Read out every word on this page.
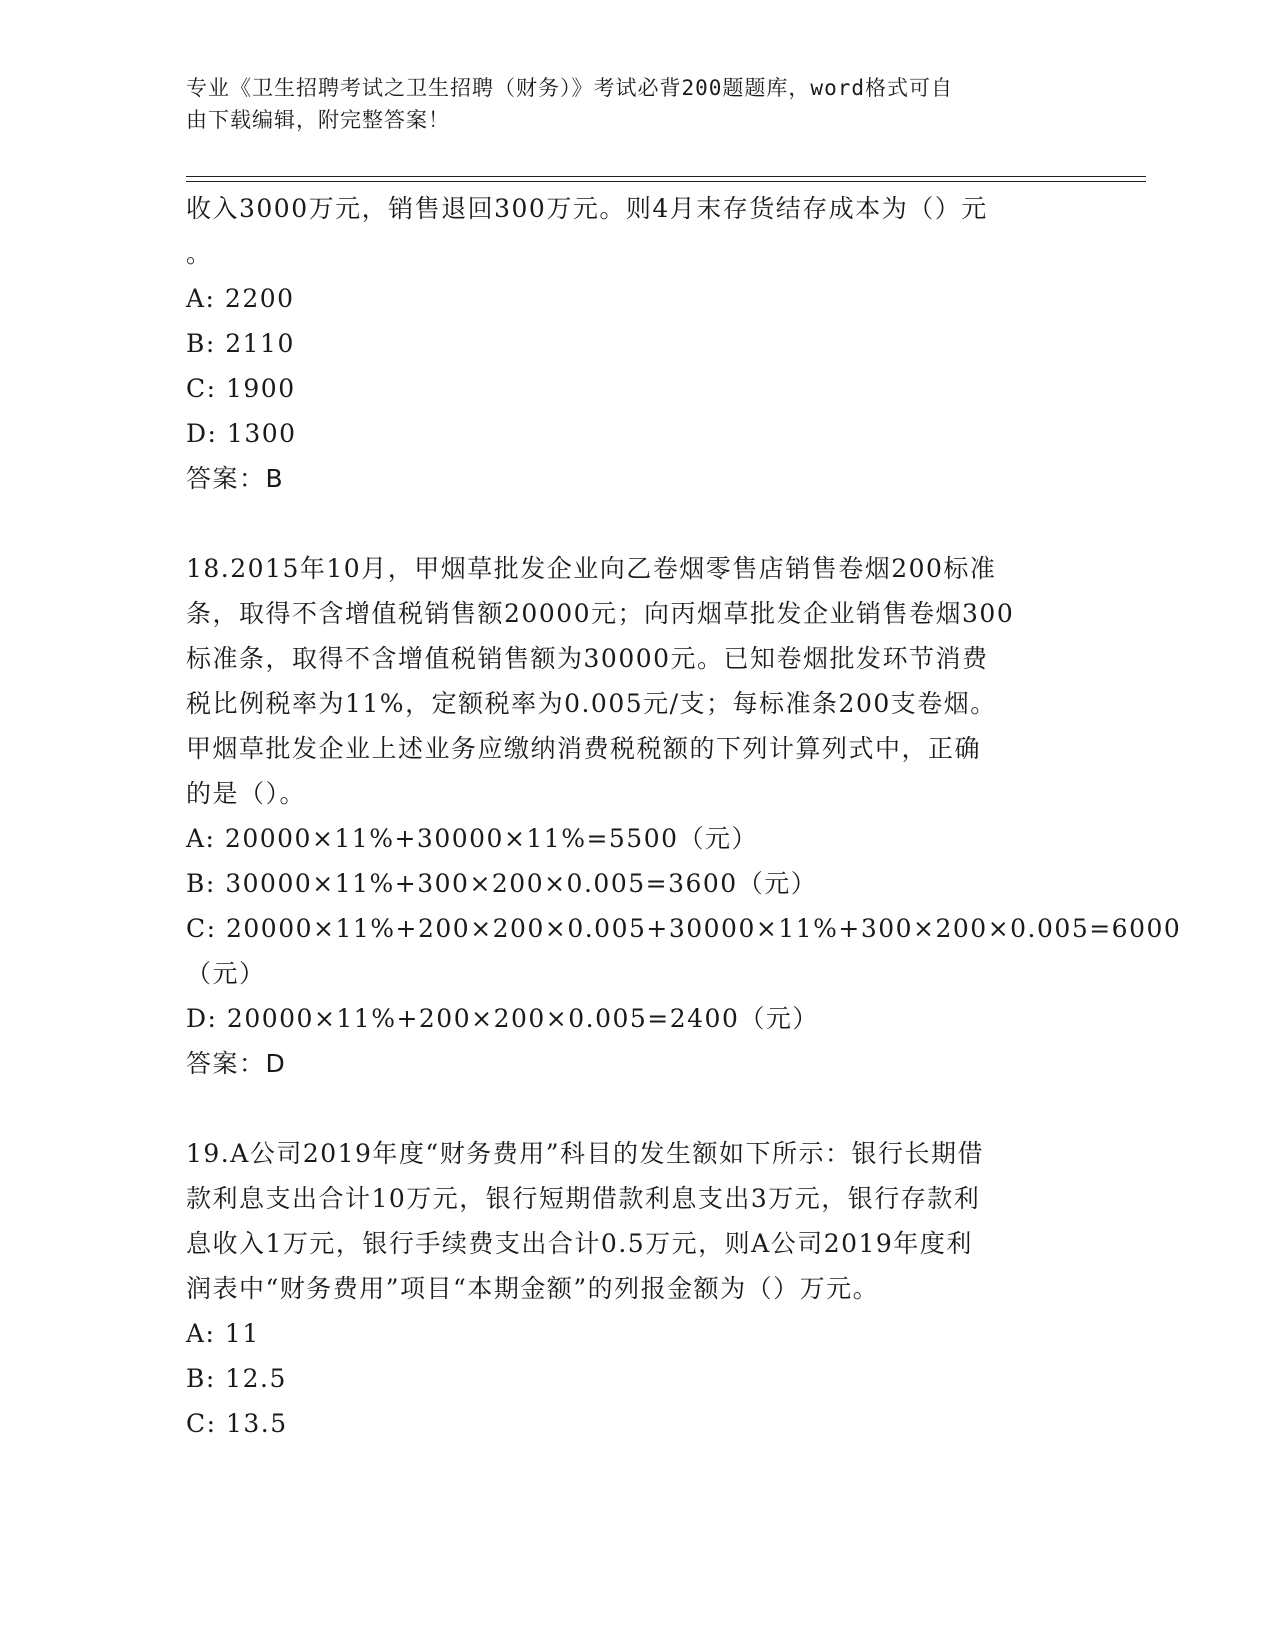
专业《卫生招聘考试之卫生招聘（财务）》考试必背200题题库，word格式可自
由下载编辑，附完整答案！
收入3000万元，销售退回300万元。则4月末存货结存成本为（）元
。
A: 2200
B: 2110
C: 1900
D: 1300
答案：B
18.2015年10月，甲烟草批发企业向乙卷烟零售店销售卷烟200标准
条，取得不含增值税销售额20000元；向丙烟草批发企业销售卷烟300
标准条，取得不含增值税销售额为30000元。已知卷烟批发环节消费
税比例税率为11%，定额税率为0.005元/支；每标准条200支卷烟。
甲烟草批发企业上述业务应缴纳消费税税额的下列计算列式中，正确
的是（）。
A: 20000×11%+30000×11%=5500（元）
B: 30000×11%+300×200×0.005=3600（元）
C: 20000×11%+200×200×0.005+30000×11%+300×200×0.005=6000
（元）
D: 20000×11%+200×200×0.005=2400（元）
答案：D
19.A公司2019年度“财务费用”科目的发生额如下所示：银行长期借
款利息支出合计10万元，银行短期借款利息支出3万元，银行存款利
息收入1万元，银行手续费支出合计0.5万元，则A公司2019年度利
润表中“财务费用”项目“本期金额”的列报金额为（）万元。
A: 11
B: 12.5
C: 13.5
